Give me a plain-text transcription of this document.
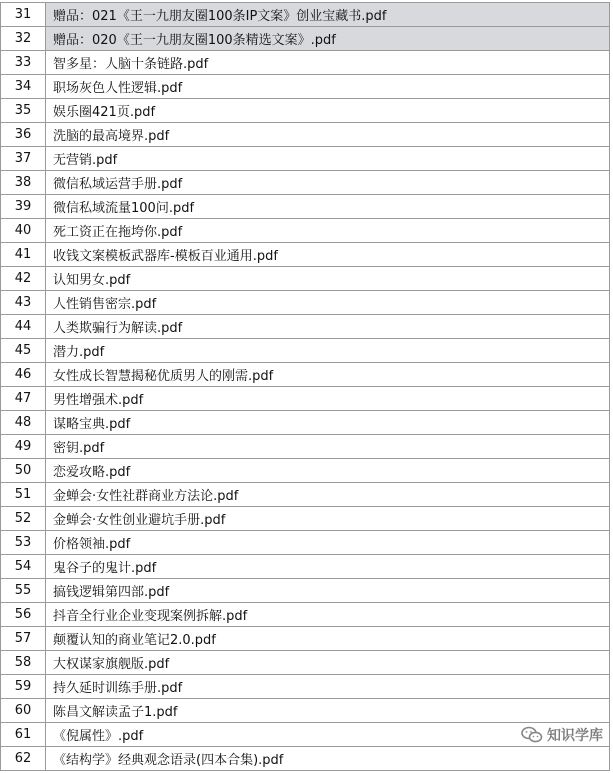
31	赠品：021《王一九朋友圈100条IP文案》创业宝藏书.pdf
32	赠品：020《王一九朋友圈100条精选文案》.pdf
33	智多星：人脑十条链路.pdf
34	职场灰色人性逻辑.pdf
35	娱乐圈421页.pdf
36	洗脑的最高境界.pdf
37	无营销.pdf
38	微信私域运营手册.pdf
39	微信私域流量100问.pdf
40	死工资正在拖垮你.pdf
41	收钱文案模板武器库-模板百业通用.pdf
42	认知男女.pdf
43	人性销售密宗.pdf
44	人类欺骗行为解读.pdf
45	潜力.pdf
46	女性成长智慧揭秘优质男人的刚需.pdf
47	男性增强术.pdf
48	谋略宝典.pdf
49	密钥.pdf
50	恋爱攻略.pdf
51	金蝉会·女性社群商业方法论.pdf
52	金蝉会·女性创业避坑手册.pdf
53	价格领袖.pdf
54	鬼谷子的鬼计.pdf
55	搞钱逻辑第四部.pdf
56	抖音全行业企业变现案例拆解.pdf
57	颠覆认知的商业笔记2.0.pdf
58	大权谋家旗舰版.pdf
59	持久延时训练手册.pdf
60	陈昌文解读孟子1.pdf
61	《倪属性》.pdf
62	《结构学》经典观念语录(四本合集).pdf
知识学库
